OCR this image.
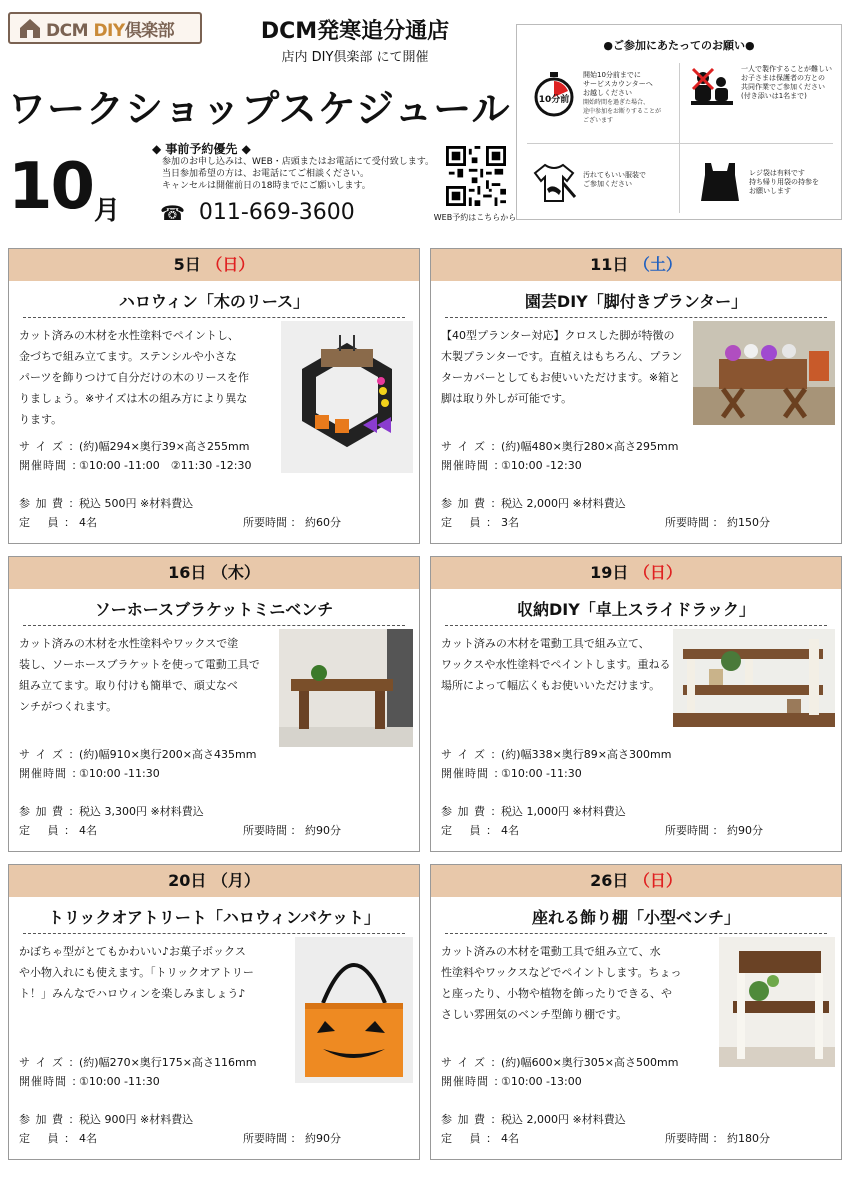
DCM DIY倶楽部	DCM発寒追分通店
店内 DIY倶楽部 にて開催
ワークショップスケジュール
10 月
◆ 事前予約優先 ◆
参加のお申し込みは、WEB・店頭またはお電話にて受付致します。
当日参加希望の方は、お電話にてご相談ください。
キャンセルは開催前日の18時までにご願いします。
☎ 011-669-3600	WEB予約はこちらから
●ご参加にあたってのお願い●
10分前
開始10分前までに
サービスカウンターへ
お越しください
開始時間を過ぎた場合、
途中参加をお断りすることが
ございます
一人で製作することが難しい
お子さまは保護者の方との
共同作業でご参加ください
(付き添いは1名まで)
汚れてもいい服装で
ご参加ください
レジ袋は有料です
持ち帰り用袋の持参を
お願いします
5日 （日）
ハロウィン「木のリース」
カット済みの木材を水性塗料でペイントし、
金づちで組み立てます。ステンシルや小さな
パーツを飾りつけて自分だけの木のリースを作
りましょう。※サイズは木の組み方により異な
ります。
サ イ ズ ：(約)幅294×奥行39×高さ255mm
開催時間 ：①10:00 -11:00　②11:30 -12:30
参 加 費 ：税込 500円 ※材料費込
定　 員 ： 4名	所要時間 ： 約60分
11日 （土）
園芸DIY「脚付きプランター」
【40型プランター対応】クロスした脚が特徴の
木製プランターです。直植えはもちろん、プラン
ターカバーとしてもお使いいただけます。※箱と
脚は取り外しが可能です。
サ イ ズ ：(約)幅480×奥行280×高さ295mm
開催時間 ：①10:00 -12:30
参 加 費 ：税込 2,000円 ※材料費込
定　 員 ： 3名	所要時間 ： 約150分
16日 （木）
ソーホースブラケットミニベンチ
カット済みの木材を水性塗料やワックスで塗
装し、ソーホースブラケットを使って電動工具で
組み立てます。取り付けも簡単で、頑丈なベ
ンチがつくれます。
サ イ ズ ：(約)幅910×奥行200×高さ435mm
開催時間 ：①10:00 -11:30
参 加 費 ：税込 3,300円 ※材料費込
定　 員 ： 4名	所要時間 ： 約90分
19日 （日）
収納DIY「卓上スライドラック」
カット済みの木材を電動工具で組み立て、
ワックスや水性塗料でペイントします。重ねる
場所によって幅広くもお使いいただけます。
サ イ ズ ：(約)幅338×奥行89×高さ300mm
開催時間 ：①10:00 -11:30
参 加 費 ：税込 1,000円 ※材料費込
定　 員 ： 4名	所要時間 ： 約90分
20日 （月）
トリックオアトリート「ハロウィンバケット」
かぼちゃ型がとてもかわいい♪お菓子ボックス
や小物入れにも使えます。「トリックオアトリー
ト！」みんなでハロウィンを楽しみましょう♪
サ イ ズ ：(約)幅270×奥行175×高さ116mm
開催時間 ：①10:00 -11:30
参 加 費 ：税込 900円 ※材料費込
定　 員 ： 4名	所要時間 ： 約90分
26日 （日）
座れる飾り棚「小型ベンチ」
カット済みの木材を電動工具で組み立て、水
性塗料やワックスなどでペイントします。ちょっ
と座ったり、小物や植物を飾ったりできる、や
さしい雰囲気のベンチ型飾り棚です。
サ イ ズ ：(約)幅600×奥行305×高さ500mm
開催時間 ：①10:00 -13:00
参 加 費 ：税込 2,000円 ※材料費込
定　 員 ： 4名	所要時間 ： 約180分
